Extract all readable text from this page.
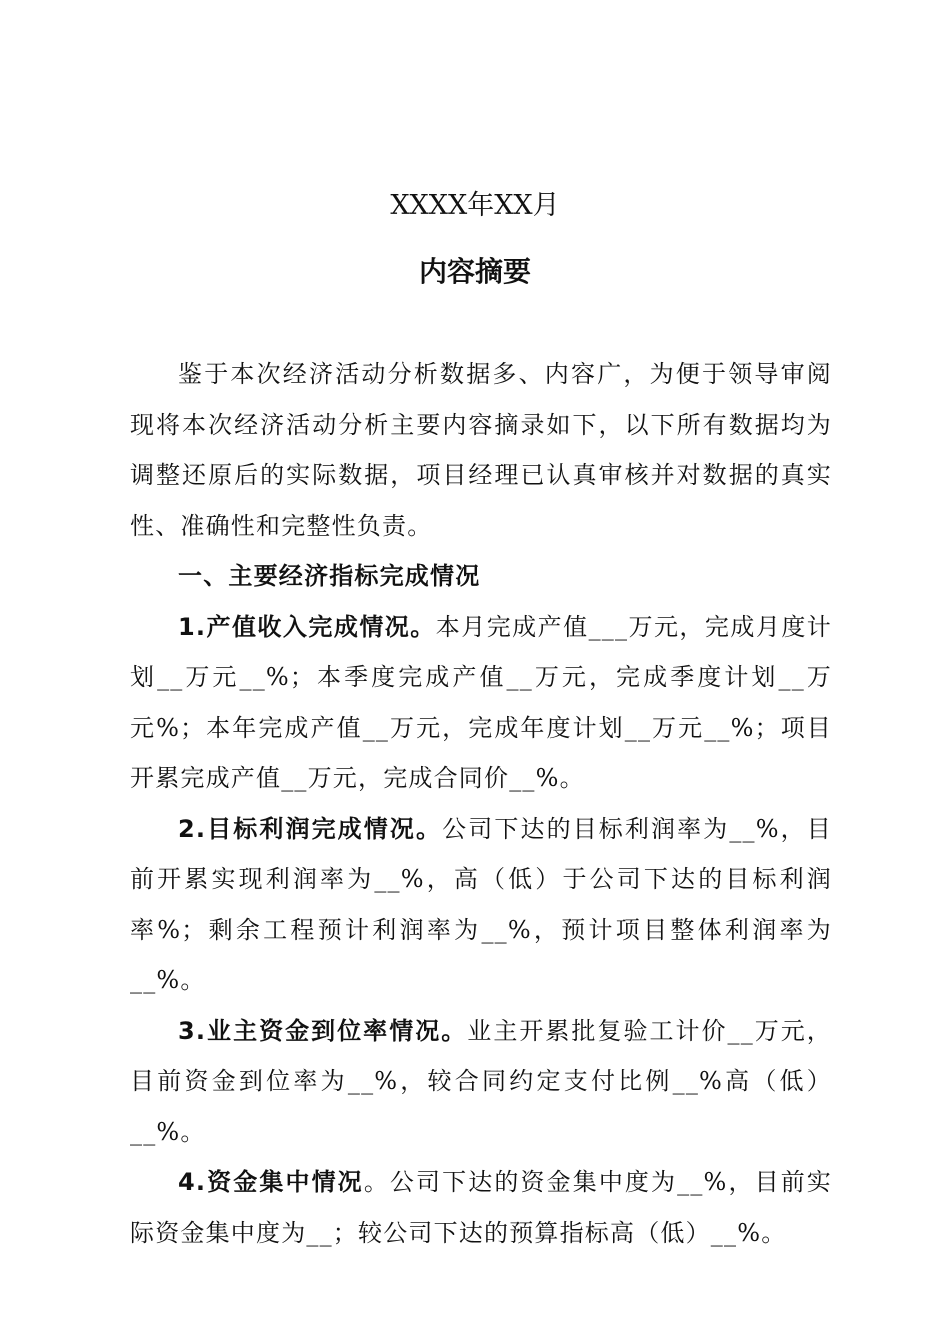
XXXX年XX月
内容摘要

鉴于本次经济活动分析数据多、内容广，为便于领导审阅现将本次经济活动分析主要内容摘录如下，以下所有数据均为调整还原后的实际数据，项目经理已认真审核并对数据的真实性、准确性和完整性负责。

一、主要经济指标完成情况

1.产值收入完成情况。本月完成产值___万元，完成月度计划__万元__%；本季度完成产值__万元，完成季度计划__万元%；本年完成产值__万元，完成年度计划__万元__%；项目开累完成产值__万元，完成合同价__%。

2.目标利润完成情况。公司下达的目标利润率为__%，目前开累实现利润率为__%，高（低）于公司下达的目标利润率%；剩余工程预计利润率为__%，预计项目整体利润率为__%。

3.业主资金到位率情况。业主开累批复验工计价__万元，目前资金到位率为__%，较合同约定支付比例__%高（低）__%。

4.资金集中情况。公司下达的资金集中度为__%，目前实际资金集中度为__；较公司下达的预算指标高（低）__%。
